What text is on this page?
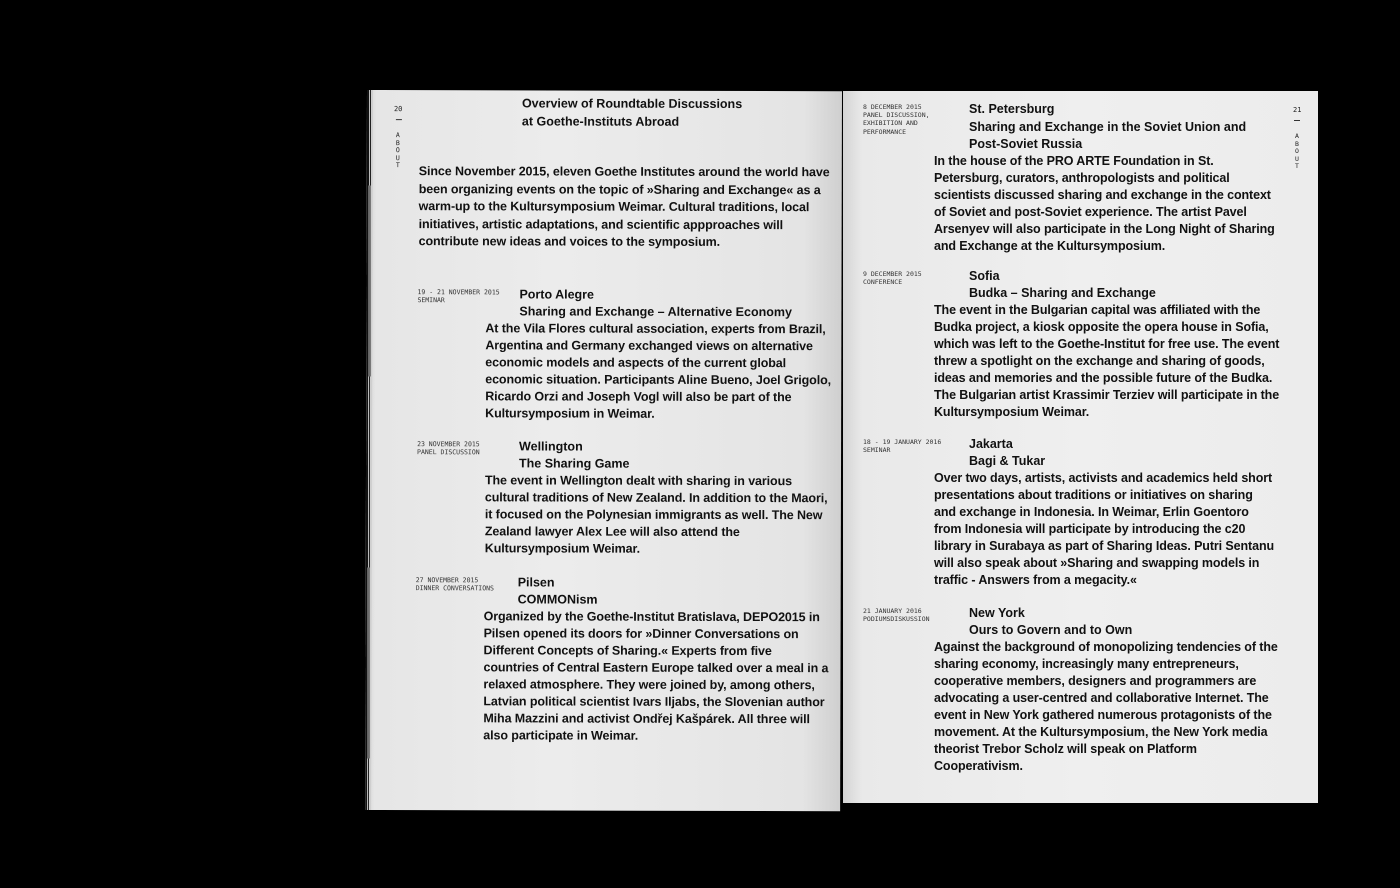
20
A
B
O
U
T
Overview of Roundtable Discussions
at Goethe-Instituts Abroad
Since November 2015, eleven Goethe Institutes around the world have been organizing events on the topic of »Sharing and Exchange« as a warm-up to the Kultursymposium Weimar. Cultural traditions, local initiatives, artistic adaptations, and scientific appproaches will contribute new ideas and voices to the symposium.
19 - 21 NOVEMBER 2015
SEMINAR	Porto Alegre
Sharing and Exchange – Alternative Economy
At the Vila Flores cultural association, experts from Brazil, Argentina and Germany exchanged views on alternative economic models and aspects of the current global economic situation. Participants Aline Bueno, Joel Grigolo, Ricardo Orzi and Joseph Vogl will also be part of the Kultursymposium in Weimar.
23 NOVEMBER 2015
PANEL DISCUSSION	Wellington
The Sharing Game
The event in Wellington dealt with sharing in various cultural traditions of New Zealand. In addition to the Maori, it focused on the Polynesian immigrants as well. The New Zealand lawyer Alex Lee will also attend the Kultursymposium Weimar.
27 NOVEMBER 2015
DINNER CONVERSATIONS	Pilsen
COMMONism
Organized by the Goethe-Institut Bratislava, DEPO2015 in Pilsen opened its doors for »Dinner Conversations on Different Concepts of Sharing.« Experts from five countries of Central Eastern Europe talked over a meal in a relaxed atmosphere. They were joined by, among others, Latvian political scientist Ivars Iljabs, the Slovenian author Miha Mazzini and activist Ondřej Kašpárek. All three will also participate in Weimar.
21
A
B
O
U
T
8 DECEMBER 2015
PANEL DISCUSSION, EXHIBITION AND PERFORMANCE
St. Petersburg
Sharing and Exchange in the Soviet Union and Post-Soviet Russia
In the house of the PRO ARTE Foundation in St. Petersburg, curators, anthropologists and political scientists discussed sharing and exchange in the context of Soviet and post-Soviet experience. The artist Pavel Arsenyev will also participate in the Long Night of Sharing and Exchange at the Kultursymposium.
9 DECEMBER 2015
CONFERENCE	Sofia
Budka – Sharing and Exchange
The event in the Bulgarian capital was affiliated with the Budka project, a kiosk opposite the opera house in Sofia, which was left to the Goethe-Institut for free use. The event threw a spotlight on the exchange and sharing of goods, ideas and memories and the possible future of the Budka. The Bulgarian artist Krassimir Terziev will participate in the Kultursymposium Weimar.
18 - 19 JANUARY 2016
SEMINAR	Jakarta
Bagi & Tukar
Over two days, artists, activists and academics held short presentations about traditions or initiatives on sharing and exchange in Indonesia. In Weimar, Erlin Goentoro from Indonesia will participate by introducing the c20 library in Surabaya as part of Sharing Ideas. Putri Sentanu will also speak about »Sharing and swapping models in traffic - Answers from a megacity.«
21 JANUARY 2016
PODIUMSDISKUSSION	New York
Ours to Govern and to Own
Against the background of monopolizing tendencies of the sharing economy, increasingly many entrepreneurs, cooperative members, designers and programmers are advocating a user-centred and collaborative Internet. The event in New York gathered numerous protagonists of the movement. At the Kultursymposium, the New York media theorist Trebor Scholz will speak on Platform Cooperativism.
